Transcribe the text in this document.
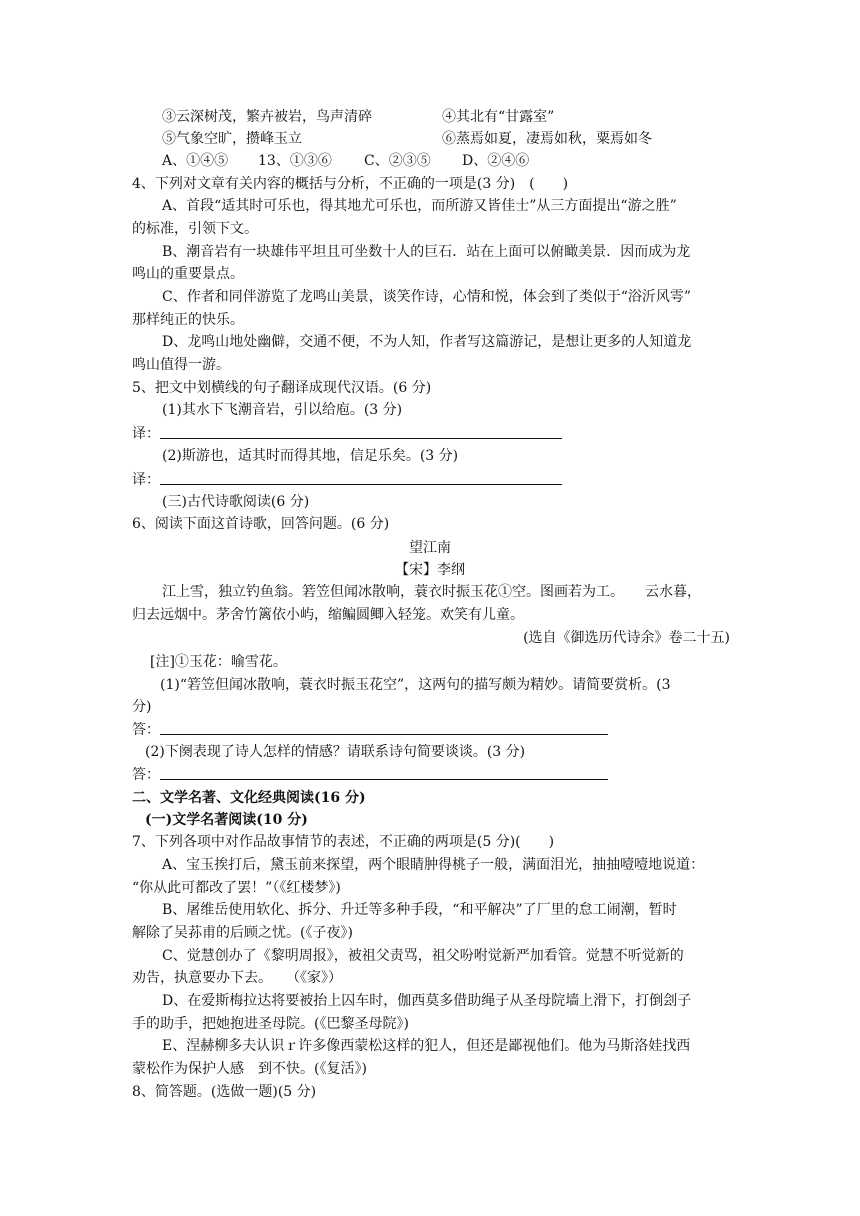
③云深树茂，繁卉被岩，鸟声清碎	④其北有“甘露室”
⑤气象空旷，攒峰玉立	⑥蒸焉如夏，凄焉如秋，粟焉如冬
A、①④⑤ 13、①③⑥ C、②③⑤ D、②④⑥
4、下列对文章有关内容的概括与分析，不正确的一项是(3 分)　(　　)
A、首段“适其时可乐也，得其地尤可乐也，而所游又皆佳士”从三方面提出“游之胜”
的标准，引领下文。
B、潮音岩有一块雄伟平坦且可坐数十人的巨石．站在上面可以俯瞰美景．因而成为龙
鸣山的重要景点。
C、作者和同伴游览了龙鸣山美景，谈笑作诗，心情和悦，体会到了类似于“浴沂风雩”
那样纯正的快乐。
D、龙鸣山地处幽僻，交通不便，不为人知，作者写这篇游记，是想让更多的人知道龙
鸣山值得一游。
5、把文中划横线的句子翻译成现代汉语。(6 分)
(1)其水下飞潮音岩，引以给庖。(3 分)
译：
(2)斯游也，适其时而得其地，信足乐矣。(3 分)
译：
(三)古代诗歌阅读(6 分)
6、阅读下面这首诗歌，回答问题。(6 分)
望江南
【宋】李纲
江上雪，独立钓鱼翁。箬笠但闻冰散响，蓑衣时振玉花①空。图画若为工。　　云水暮，
归去远烟中。茅舍竹篱依小屿，缩鳊圆鲫入轻笼。欢笑有儿童。
(选自《御选历代诗余》卷二十五)
[注]①玉花：喻雪花。
(1)“箬笠但闻冰散响，蓑衣时振玉花空”，这两句的描写颇为精妙。请简要赏析。(3
分)
答：
(2)下阕表现了诗人怎样的情感？请联系诗句简要谈谈。(3 分)
答：
二、文学名著、文化经典阅读(16 分)
(一)文学名著阅读(10 分)
7、下列各项中对作品故事情节的表述，不正确的两项是(5 分)(　　)
A、宝玉挨打后，黛玉前来探望，两个眼睛肿得桃子一般，满面泪光，抽抽噎噎地说道：
“你从此可都改了罢！”（《红楼梦》)
B、屠维岳使用软化、拆分、升迁等多种手段，“和平解决”了厂里的怠工闹潮，暂时
解除了吴荪甫的后顾之忧。(《子夜》)
C、觉慧创办了《黎明周报》，被祖父责骂，祖父吩咐觉新严加看管。觉慧不听觉新的
劝告，执意要办下去。　　（《家》）
D、在爱斯梅拉达将要被抬上囚车时，伽西莫多借助绳子从圣母院墙上滑下，打倒刽子
手的助手，把她抱进圣母院。(《巴黎圣母院》)
E、涅赫柳多夫认识ｒ许多像西蒙松这样的犯人，但还是鄙视他们。他为马斯洛娃找西
蒙松作为保护人感　到不快。(《复活》)
8、简答题。(选做一题)(5 分)
